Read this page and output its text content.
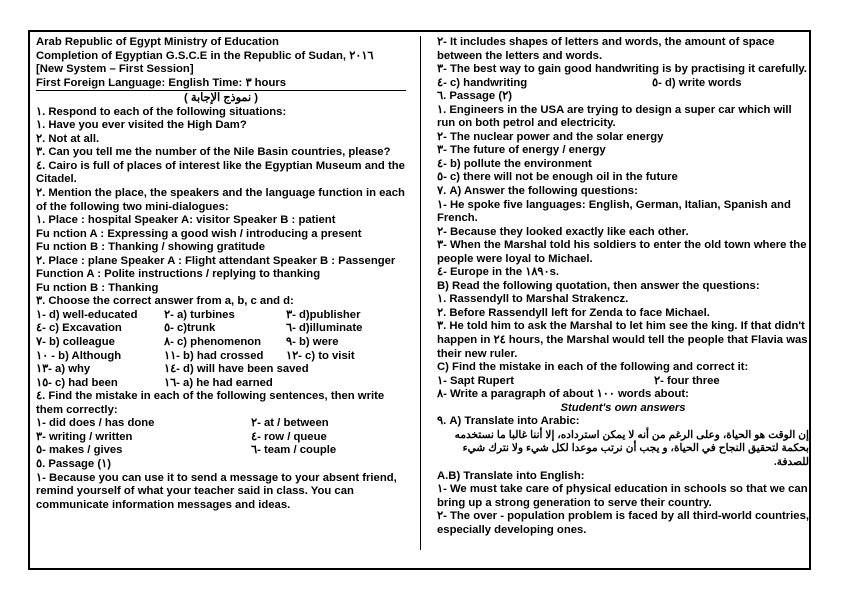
Arab Republic of Egypt Ministry of Education
Completion of Egyptian G.S.C.E in the Republic of Sudan, ٢٠١٦
[New System – First Session]
First Foreign Language: English Time: ٣ hours
( نموذج الإجابة )
١. Respond to each of the following situations:
١. Have you ever visited the High Dam?
٢. Not at all.
٣. Can you tell me the number of the Nile Basin countries, please?
٤. Cairo is full of places of interest like the Egyptian Museum and the Citadel.
٢. Mention the place, the speakers and the language function in each of the following two mini-dialogues:
١. Place : hospital Speaker A: visitor Speaker B : patient
Fu nction A : Expressing a good wish / introducing a present
Fu nction B : Thanking / showing gratitude
٢. Place : plane Speaker A : Flight attendant Speaker B : Passenger
Function A : Polite instructions / replying to thanking
Fu nction B : Thanking
٣. Choose the correct answer from a, b, c and d:
١- d) well-educated	٢- a) turbines	٣- d)publisher
٤- c) Excavation	٥- c)trunk	٦- d)illuminate
٧- b) colleague	٨- c) phenomenon	٩- b) were
١٠ - b) Although	١١- b) had crossed	١٢- c) to visit
١٣- a) why	١٤- d) will have been saved
١٥- c) had been	١٦- a) he had earned
٤. Find the mistake in each of the following sentences, then write them correctly:
١- did does / has done	٢- at / between
٣- writing / written	٤- row / queue
٥- makes / gives	٦- team / couple
٥. Passage (١)
١- Because you can use it to send a message to your absent friend, remind yourself of what your teacher said in class. You can communicate information messages and ideas.
٢- It includes shapes of letters and words, the amount of space between the letters and words.
٣- The best way to gain good handwriting is by practising it carefully.
٤- c) handwriting	٥- d) write words
٦. Passage (٢)
١. Engineers in the USA are trying to design a super car which will run on both petrol and electricity.
٢- The nuclear power and the solar energy
٣- The future of energy / energy
٤- b) pollute the environment
٥- c) there will not be enough oil in the future
٧. A) Answer the following questions:
١- He spoke five languages: English, German, Italian, Spanish and French.
٢- Because they looked exactly like each other.
٣- When the Marshal told his soldiers to enter the old town where the people were loyal to Michael.
٤- Europe in the ١٨٩٠s.
B) Read the following quotation, then answer the questions:
١. Rassendyll to Marshal Strakencz.
٢. Before Rassendyll left for Zenda to face Michael.
٣. He told him to ask the Marshal to let him see the king. If that didn't happen in ٢٤ hours, the Marshal would tell the people that Flavia was their new ruler.
C) Find the mistake in each of the following and correct it:
١- Sapt Rupert	٢- four three
٨- Write a paragraph of about ١٠٠ words about:
Student's own answers
٩. A) Translate into Arabic:
إن الوقت هو الحياة، وعلى الرغم من أنه لا يمكن استرداده، إلا أننا غالبا ما نستخدمه بحكمة لتحقيق النجاح في الحياة، و يجب أن نرتب موعدا لكل شيء ولا نترك شيء للصدفة.
A.B) Translate into English:
١- We must take care of physical education in schools so that we can bring up a strong generation to serve their country.
٢- The over - population problem is faced by all third-world countries, especially developing ones.
